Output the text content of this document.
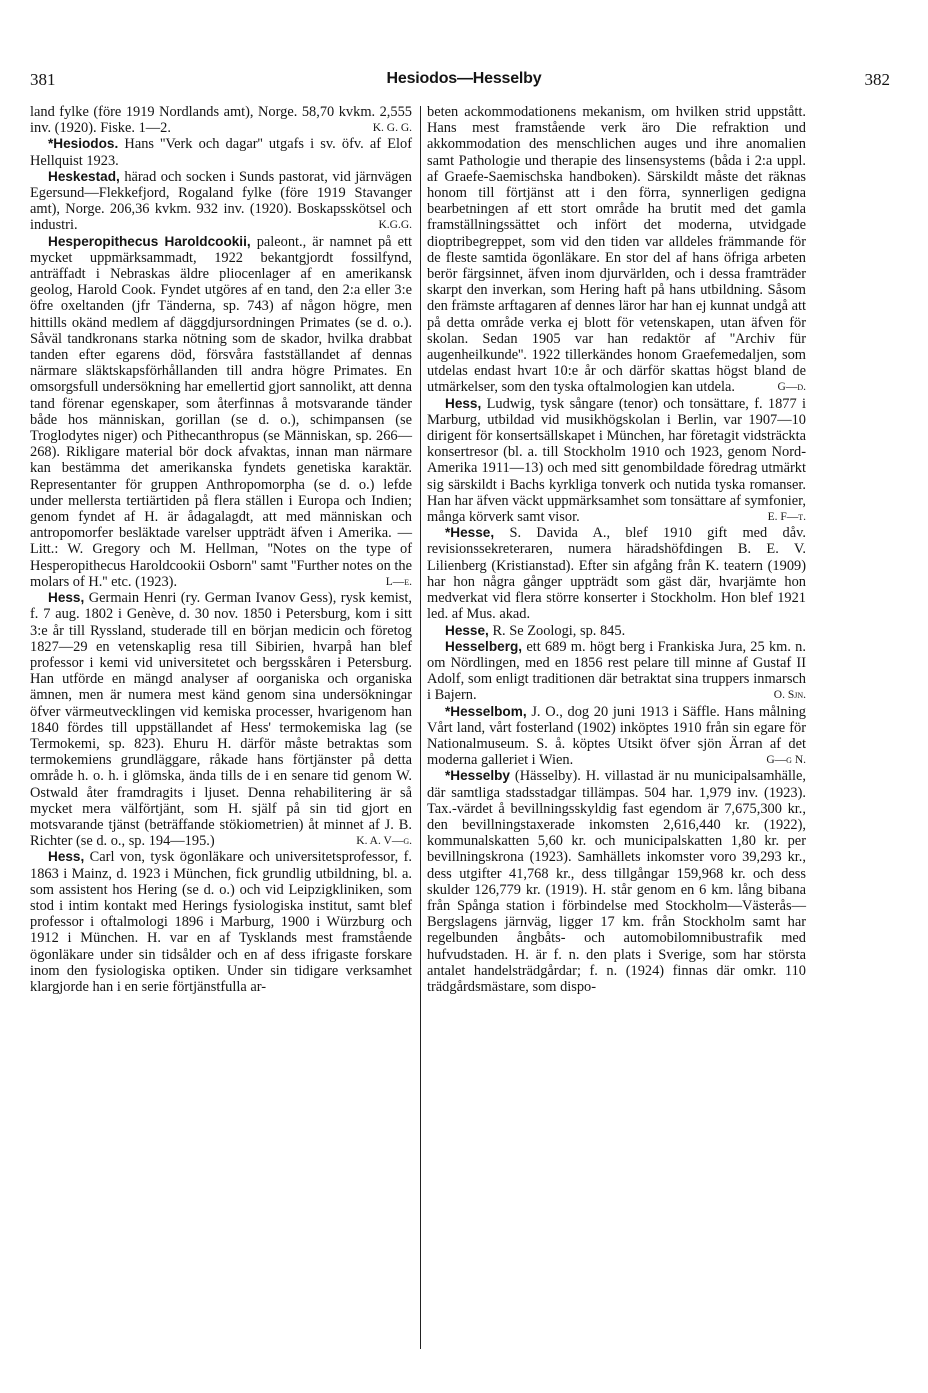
381	Hesiodos—Hesselby	382

land fylke (före 1919 Nordlands amt), Norge. 58,70 kvkm. 2,555 inv. (1920). Fiske. 1—2.	K. G. G.

*Hesiodos. Hans ''Verk och dagar'' utgafs i sv. öfv. af Elof Hellquist 1923.

Heskestad, härad och socken i Sunds pastorat, vid järnvägen Egersund—Flekkefjord, Rogaland fylke (före 1919 Stavanger amt), Norge. 206,36 kvkm. 932 inv. (1920). Boskapsskötsel och industri.	K.G.G.

Hesperopithecus Haroldcookii, paleont., är namnet på ett mycket uppmärksammadt, 1922 bekantgjordt fossilfynd, anträffadt i Nebraskas äldre pliocenlager af en amerikansk geolog, Harold Cook. Fyndet utgöres af en tand, den 2:a eller 3:e öfre oxeltanden (jfr Tänderna, sp. 743) af någon högre, men hittills okänd medlem af däggdjursordningen Primates (se d. o.). Såväl tandkronans starka nötning som de skador, hvilka drabbat tanden efter egarens död, försvåra fastställandet af dennas närmare släktskapsförhållanden till andra högre Primates. En omsorgsfull undersökning har emellertid gjort sannolikt, att denna tand förenar egenskaper, som återfinnas å motsvarande tänder både hos människan, gorillan (se d. o.), schimpansen (se Troglodytes niger) och Pithecanthropus (se Människan, sp. 266—268). Rikligare material bör dock afvaktas, innan man närmare kan bestämma det amerikanska fyndets genetiska karaktär. Representanter för gruppen Anthropomorpha (se d. o.) lefde under mellersta tertiärtiden på flera ställen i Europa och Indien; genom fyndet af H. är ådagalagdt, att med människan och antropomorfer besläktade varelser uppträdt äfven i Amerika. — Litt.: W. Gregory och M. Hellman, ''Notes on the type of Hesperopithecus Haroldcookii Osborn'' samt ''Further notes on the molars of H.'' etc. (1923).	L—e.

Hess, Germain Henri (ry. German Ivanov Gess), rysk kemist, f. 7 aug. 1802 i Genève, d. 30 nov. 1850 i Petersburg, kom i sitt 3:e år till Ryssland, studerade till en början medicin och företog 1827—29 en vetenskaplig resa till Sibirien, hvarpå han blef professor i kemi vid universitetet och bergsskåren i Petersburg. Han utförde en mängd analyser af oorganiska och organiska ämnen, men är numera mest känd genom sina undersökningar öfver värmeutvecklingen vid kemiska processer, hvarigenom han 1840 fördes till uppställandet af Hess' termokemiska lag (se Termokemi, sp. 823). Ehuru H. därför måste betraktas som termokemiens grundläggare, råkade hans förtjänster på detta område h. o. h. i glömska, ända tills de i en senare tid genom W. Ostwald åter framdragits i ljuset. Denna rehabilitering är så mycket mera välförtjänt, som H. själf på sin tid gjort en motsvarande tjänst (beträffande stökiometrien) åt minnet af J. B. Richter (se d. o., sp. 194—195.)	K. A. V—g.

Hess, Carl von, tysk ögonläkare och universitetsprofessor, f. 1863 i Mainz, d. 1923 i München, fick grundlig utbildning, bl. a. som assistent hos Hering (se d. o.) och vid Leipzigkliniken, som stod i intim kontakt med Herings fysiologiska institut, samt blef professor i oftalmologi 1896 i Marburg, 1900 i Würzburg och 1912 i München. H. var en af Tysklands mest framstående ögonläkare under sin tidsålder och en af dess ifrigaste forskare inom den fysiologiska optiken. Under sin tidigare verksamhet klargjorde han i en serie förtjänstfulla ar-

beten ackommodationens mekanism, om hvilken strid uppstått. Hans mest framstående verk äro Die refraktion und akkommodation des menschlichen auges und ihre anomalien samt Pathologie und therapie des linsensystems (båda i 2:a uppl. af Graefe-Saemischska handboken). Särskildt måste det räknas honom till förtjänst att i den förra, synnerligen gedigna bearbetningen af ett stort område ha brutit med det gamla framställningssättet och infört det moderna, utvidgade dioptribegreppet, som vid den tiden var alldeles främmande för de fleste samtida ögonläkare. En stor del af hans öfriga arbeten berör färgsinnet, äfven inom djurvärlden, och i dessa framträder skarpt den inverkan, som Hering haft på hans utbildning. Såsom den främste arftagaren af dennes läror har han ej kunnat undgå att på detta område verka ej blott för vetenskapen, utan äfven för skolan. Sedan 1905 var han redaktör af ''Archiv für augenheilkunde''. 1922 tillerkändes honom Graefemedaljen, som utdelas endast hvart 10:e år och därför skattas högst bland de utmärkelser, som den tyska oftalmologien kan utdela.	G—d.

Hess, Ludwig, tysk sångare (tenor) och tonsättare, f. 1877 i Marburg, utbildad vid musikhögskolan i Berlin, var 1907—10 dirigent för konsertsällskapet i München, har företagit vidsträckta konsertresor (bl. a. till Stockholm 1910 och 1923, genom Nord-Amerika 1911—13) och med sitt genombildade föredrag utmärkt sig särskildt i Bachs kyrkliga tonverk och nutida tyska romanser. Han har äfven väckt uppmärksamhet som tonsättare af symfonier, många körverk samt visor.	E. F—t.

*Hesse, S. Davida A., blef 1910 gift med dåv. revisionssekreteraren, numera häradshöfdingen B. E. V. Lilienberg (Kristianstad). Efter sin afgång från K. teatern (1909) har hon några gånger uppträdt som gäst där, hvarjämte hon medverkat vid flera större konserter i Stockholm. Hon blef 1921 led. af Mus. akad.

Hesse, R. Se Zoologi, sp. 845.

Hesselberg, ett 689 m. högt berg i Frankiska Jura, 25 km. n. om Nördlingen, med en 1856 rest pelare till minne af Gustaf II Adolf, som enligt traditionen där betraktat sina truppers inmarsch i Bajern.	O. Sjn.

*Hesselbom, J. O., dog 20 juni 1913 i Säffle. Hans målning Vårt land, vårt fosterland (1902) inköptes 1910 från sin egare för Nationalmuseum. S. å. köptes Utsikt öfver sjön Ärran af det moderna galleriet i Wien.	G—g N.

*Hesselby (Hässelby). H. villastad är nu municipalsamhälle, där samtliga stadsstadgar tillämpas. 504 har. 1,979 inv. (1923). Tax.-värdet å bevillningsskyldig fast egendom är 7,675,300 kr., den bevillningstaxerade inkomsten 2,616,440 kr. (1922), kommunalskatten 5,60 kr. och municipalskatten 1,80 kr. per bevillningskrona (1923). Samhällets inkomster voro 39,293 kr., dess utgifter 41,768 kr., dess tillgångar 159,968 kr. och dess skulder 126,779 kr. (1919). H. står genom en 6 km. lång bibana från Spånga station i förbindelse med Stockholm—Västerås—Bergslagens järnväg, ligger 17 km. från Stockholm samt har regelbunden ångbåts- och automobilomnibustrafik med hufvudstaden. H. är f. n. den plats i Sverige, som har största antalet handelsträdgårdar; f. n. (1924) finnas där omkr. 110 trädgårdsmästare, som dispo-
